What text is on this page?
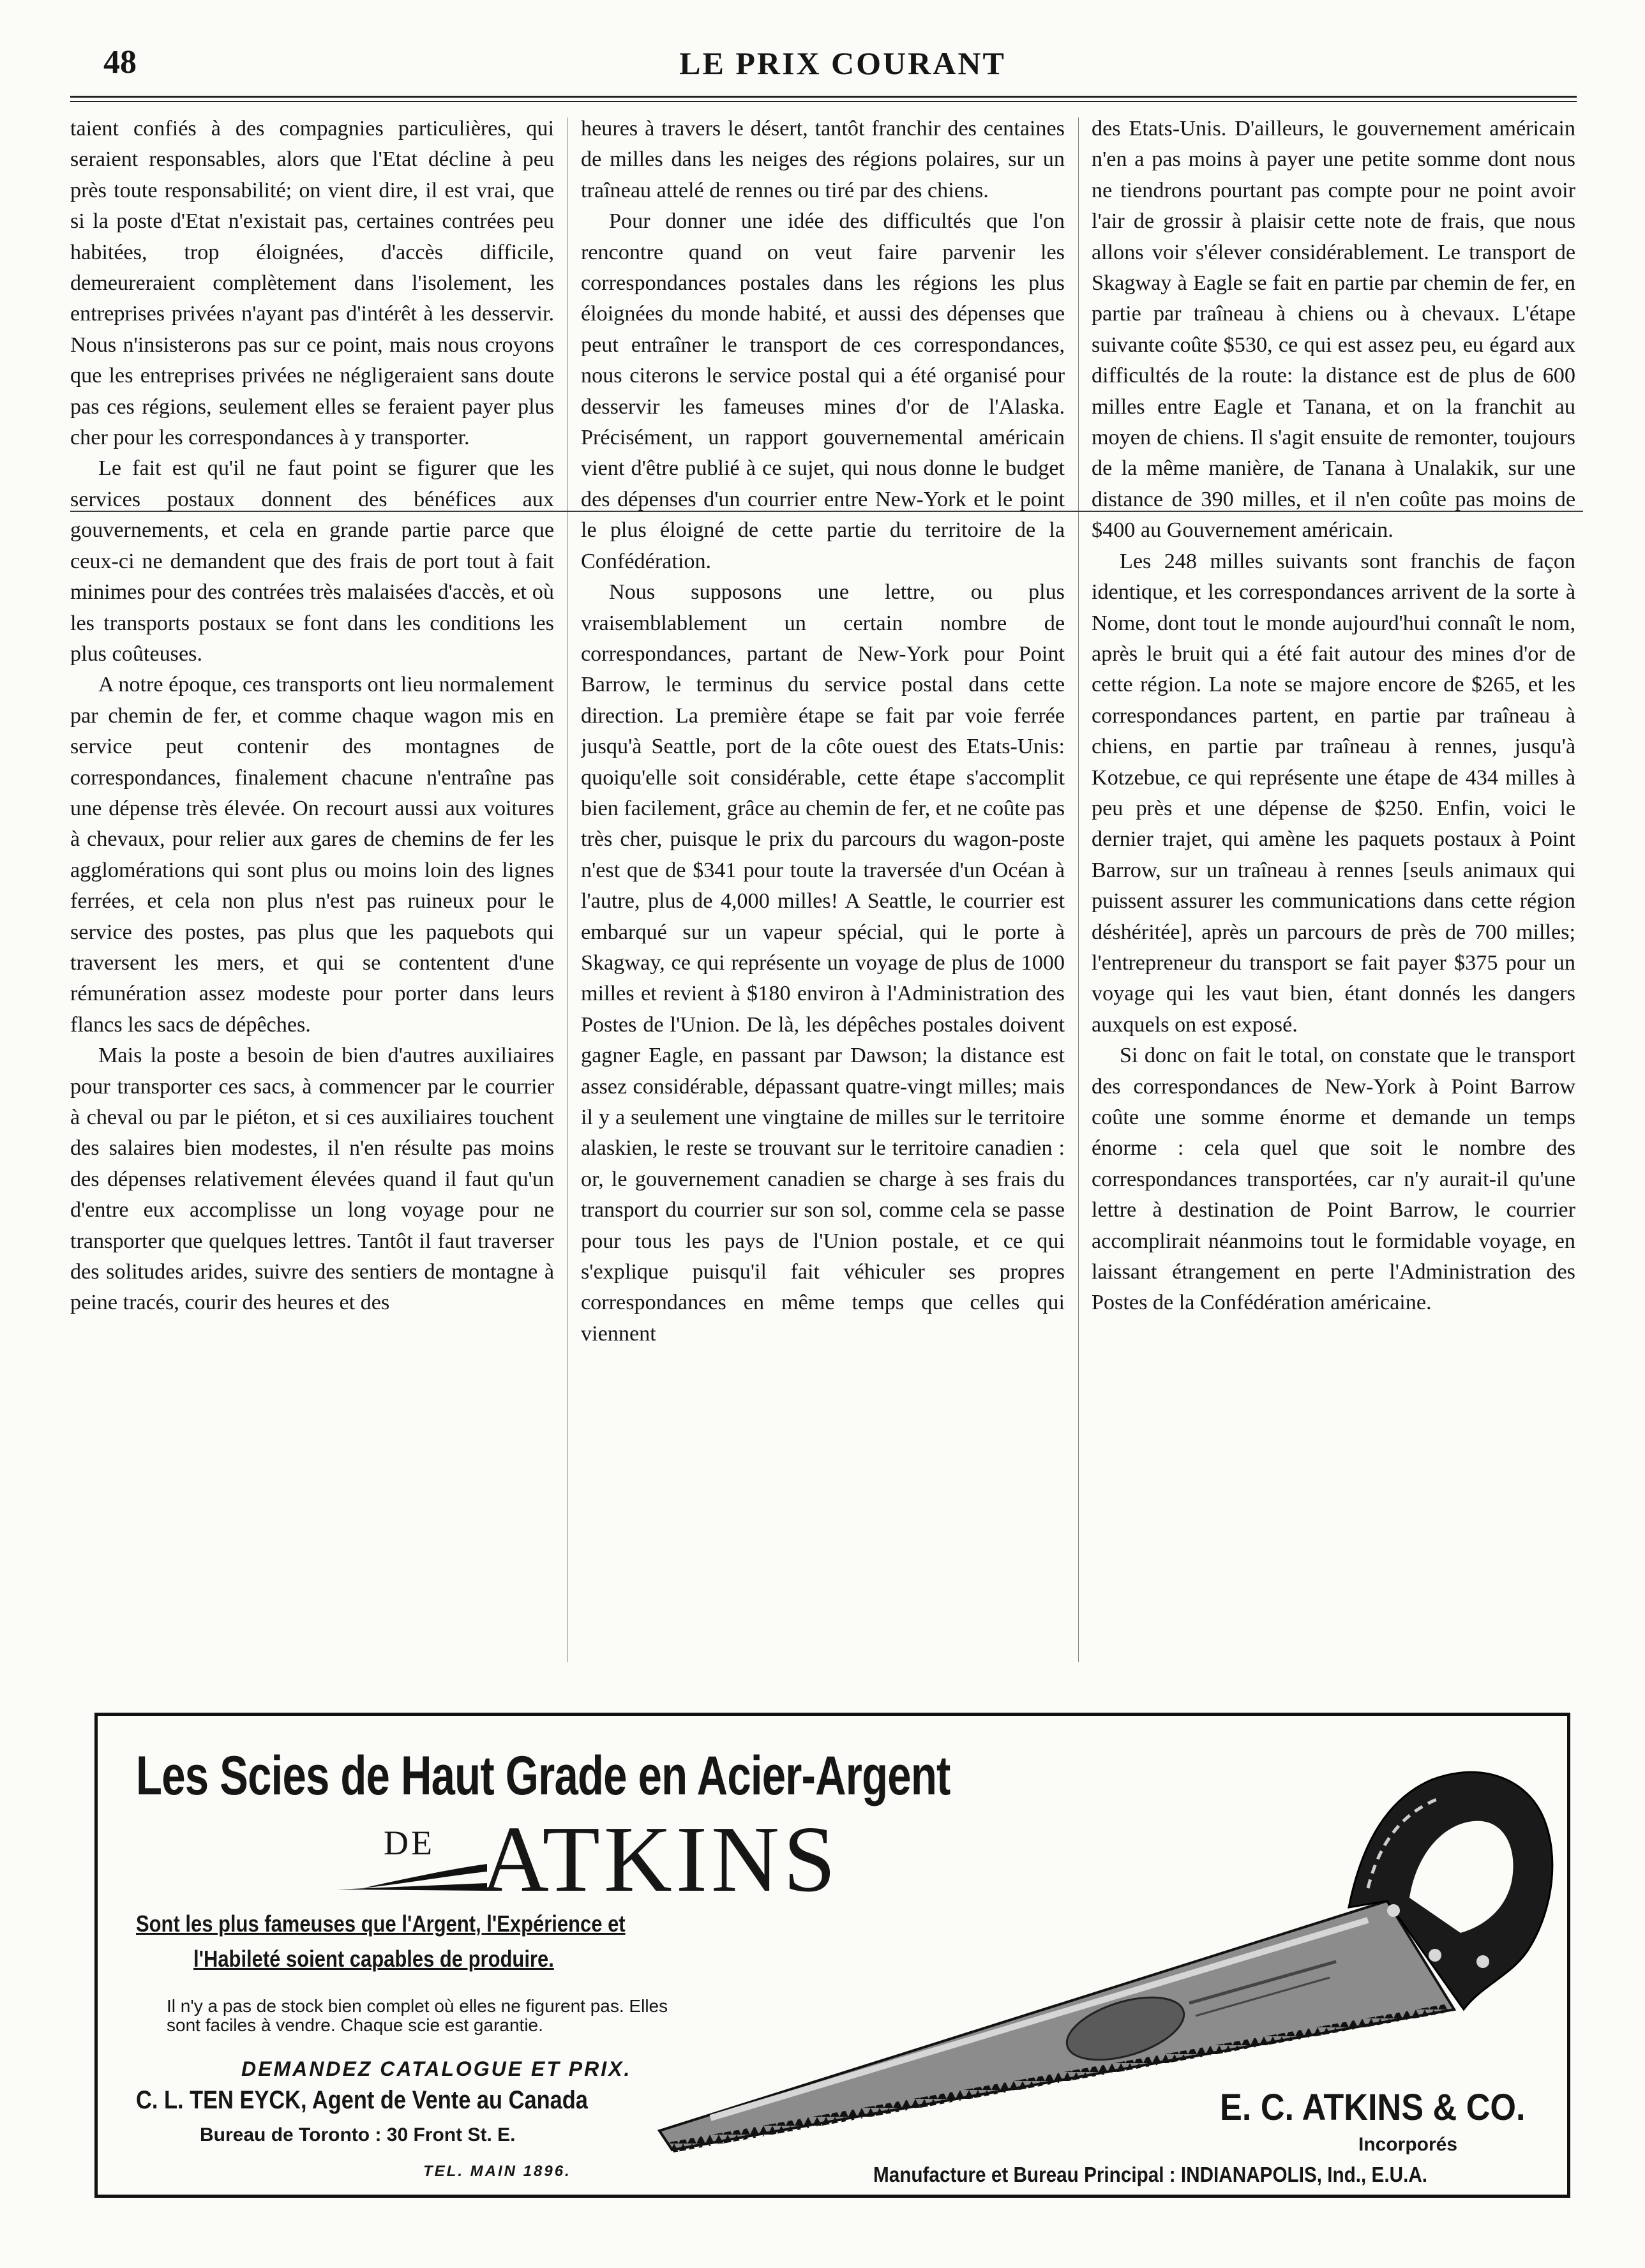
48	LE PRIX COURANT

taient confiés à des compagnies particulières, qui seraient responsables, alors que l'Etat décline à peu près toute responsabilité; on vient dire, il est vrai, que si la poste d'Etat n'existait pas, certaines contrées peu habitées, trop éloignées, d'accès difficile, demeureraient complètement dans l'isolement, les entreprises privées n'ayant pas d'intérêt à les desservir. Nous n'insisterons pas sur ce point, mais nous croyons que les entreprises privées ne négligeraient sans doute pas ces régions, seulement elles se feraient payer plus cher pour les correspondances à y transporter.

Le fait est qu'il ne faut point se figurer que les services postaux donnent des bénéfices aux gouvernements, et cela en grande partie parce que ceux-ci ne demandent que des frais de port tout à fait minimes pour des contrées très malaisées d'accès, et où les transports postaux se font dans les conditions les plus coûteuses.

A notre époque, ces transports ont lieu normalement par chemin de fer, et comme chaque wagon mis en service peut contenir des montagnes de correspondances, finalement chacune n'entraîne pas une dépense très élevée. On recourt aussi aux voitures à chevaux, pour relier aux gares de chemins de fer les agglomérations qui sont plus ou moins loin des lignes ferrées, et cela non plus n'est pas ruineux pour le service des postes, pas plus que les paquebots qui traversent les mers, et qui se contentent d'une rémunération assez modeste pour porter dans leurs flancs les sacs de dépêches.

Mais la poste a besoin de bien d'autres auxiliaires pour transporter ces sacs, à commencer par le courrier à cheval ou par le piéton, et si ces auxiliaires touchent des salaires bien modestes, il n'en résulte pas moins des dépenses relativement élevées quand il faut qu'un d'entre eux accomplisse un long voyage pour ne transporter que quelques lettres. Tantôt il faut traverser des solitudes arides, suivre des sentiers de montagne à peine tracés, courir des heures et des

heures à travers le désert, tantôt franchir des centaines de milles dans les neiges des régions polaires, sur un traîneau attelé de rennes ou tiré par des chiens.

Pour donner une idée des difficultés que l'on rencontre quand on veut faire parvenir les correspondances postales dans les régions les plus éloignées du monde habité, et aussi des dépenses que peut entraîner le transport de ces correspondances, nous citerons le service postal qui a été organisé pour desservir les fameuses mines d'or de l'Alaska. Précisément, un rapport gouvernemental américain vient d'être publié à ce sujet, qui nous donne le budget des dépenses d'un courrier entre New-York et le point le plus éloigné de cette partie du territoire de la Confédération.

Nous supposons une lettre, ou plus vraisemblablement un certain nombre de correspondances, partant de New-York pour Point Barrow, le terminus du service postal dans cette direction. La première étape se fait par voie ferrée jusqu'à Seattle, port de la côte ouest des Etats-Unis: quoiqu'elle soit considérable, cette étape s'accomplit bien facilement, grâce au chemin de fer, et ne coûte pas très cher, puisque le prix du parcours du wagon-poste n'est que de $341 pour toute la traversée d'un Océan à l'autre, plus de 4,000 milles! A Seattle, le courrier est embarqué sur un vapeur spécial, qui le porte à Skagway, ce qui représente un voyage de plus de 1000 milles et revient à $180 environ à l'Administration des Postes de l'Union. De là, les dépêches postales doivent gagner Eagle, en passant par Dawson; la distance est assez considérable, dépassant quatre-vingt milles; mais il y a seulement une vingtaine de milles sur le territoire alaskien, le reste se trouvant sur le territoire canadien : or, le gouvernement canadien se charge à ses frais du transport du courrier sur son sol, comme cela se passe pour tous les pays de l'Union postale, et ce qui s'explique puisqu'il fait véhiculer ses propres correspondances en même temps que celles qui viennent

des Etats-Unis. D'ailleurs, le gouvernement américain n'en a pas moins à payer une petite somme dont nous ne tiendrons pourtant pas compte pour ne point avoir l'air de grossir à plaisir cette note de frais, que nous allons voir s'élever considérablement. Le transport de Skagway à Eagle se fait en partie par chemin de fer, en partie par traîneau à chiens ou à chevaux. L'étape suivante coûte $530, ce qui est assez peu, eu égard aux difficultés de la route: la distance est de plus de 600 milles entre Eagle et Tanana, et on la franchit au moyen de chiens. Il s'agit ensuite de remonter, toujours de la même manière, de Tanana à Unalakik, sur une distance de 390 milles, et il n'en coûte pas moins de $400 au Gouvernement américain.

Les 248 milles suivants sont franchis de façon identique, et les correspondances arrivent de la sorte à Nome, dont tout le monde aujourd'hui connaît le nom, après le bruit qui a été fait autour des mines d'or de cette région. La note se majore encore de $265, et les correspondances partent, en partie par traîneau à chiens, en partie par traîneau à rennes, jusqu'à Kotzebue, ce qui représente une étape de 434 milles à peu près et une dépense de $250. Enfin, voici le dernier trajet, qui amène les paquets postaux à Point Barrow, sur un traîneau à rennes [seuls animaux qui puissent assurer les communications dans cette région déshéritée], après un parcours de près de 700 milles; l'entrepreneur du transport se fait payer $375 pour un voyage qui les vaut bien, étant donnés les dangers auxquels on est exposé.

Si donc on fait le total, on constate que le transport des correspondances de New-York à Point Barrow coûte une somme énorme et demande un temps énorme : cela quel que soit le nombre des correspondances transportées, car n'y aurait-il qu'une lettre à destination de Point Barrow, le courrier accomplirait néanmoins tout le formidable voyage, en laissant étrangement en perte l'Administration des Postes de la Confédération américaine.

Les Scies de Haut Grade en Acier-Argent
DE ATKINS
Sont les plus fameuses que l'Argent, l'Expérience et
l'Habileté soient capables de produire.
Il n'y a pas de stock bien complet où elles ne figurent pas. Elles sont faciles à vendre. Chaque scie est garantie.
DEMANDEZ CATALOGUE ET PRIX.
C. L. TEN EYCK, Agent de Vente au Canada
Bureau de Toronto : 30 Front St. E.
TEL. MAIN 1896.
E. C. ATKINS & CO.
Incorporés
Manufacture et Bureau Principal : INDIANAPOLIS, Ind., E.U.A.
